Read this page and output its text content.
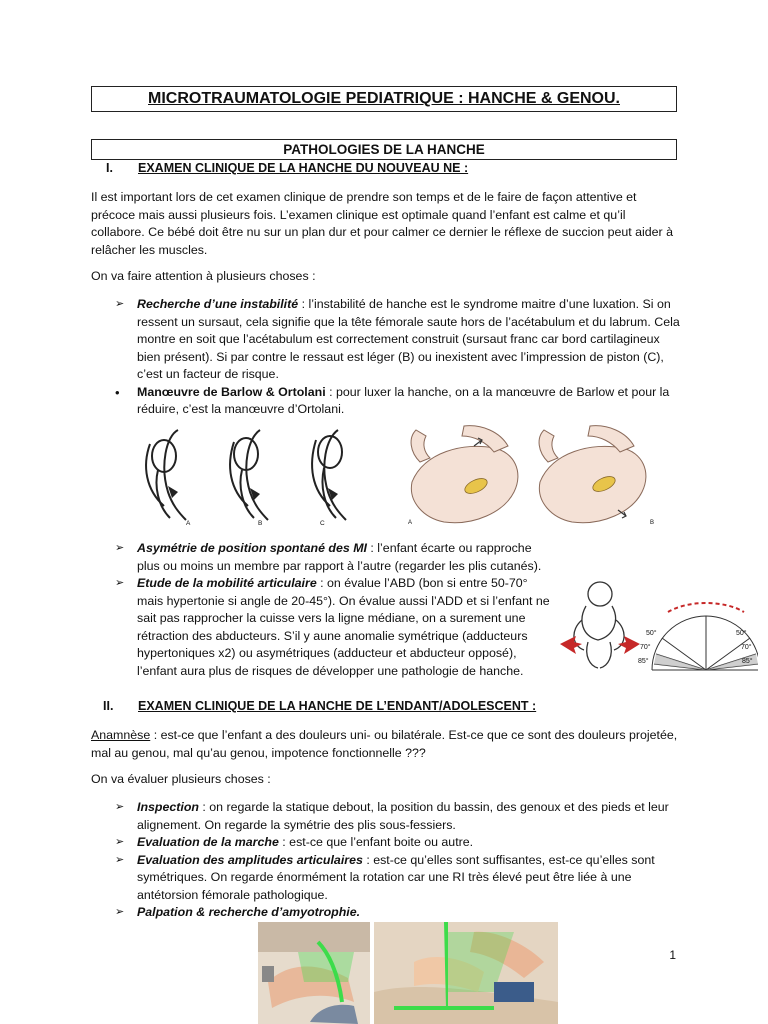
MICROTRAUMATOLOGIE PEDIATRIQUE : HANCHE & GENOU.
PATHOLOGIES DE LA HANCHE
I. EXAMEN CLINIQUE DE LA HANCHE DU NOUVEAU NE :

Il est important lors de cet examen clinique de prendre son temps et de le faire de façon attentive et précoce mais aussi plusieurs fois. L’examen clinique est optimale quand l’enfant est calme et qu’il collabore. Ce bébé doit être nu sur un plan dur et pour calmer ce dernier le réflexe de succion peut aider à relâcher les muscles.

On va faire attention à plusieurs choses :

➢ Recherche d’une instabilité : l’instabilité de hanche est le syndrome maitre d’une luxation. Si on ressent un sursaut, cela signifie que la tête fémorale saute hors de l’acétabulum et du labrum. Cela montre en soit que l’acétabulum est correctement construit (sursaut franc car bord cartilagineux bien présent). Si par contre le ressaut est léger (B) ou inexistent avec l’impression de piston (C), c’est un facteur de risque.
• Manœuvre de Barlow & Ortolani : pour luxer la hanche, on a la manœuvre de Barlow et pour la réduire, c’est la manœuvre d’Ortolani.
A	B	C	A	B
➢ Asymétrie de position spontané des MI : l’enfant écarte ou rapproche plus ou moins un membre par rapport à l’autre (regarder les plis cutanés).
➢ Etude de la mobilité articulaire : on évalue l’ABD (bon si entre 50-70° mais hypertonie si angle de 20-45°). On évalue aussi l’ADD et si l’enfant ne sait pas rapprocher la cuisse vers la ligne médiane, on a surement une rétraction des abducteurs. S’il y aune anomalie symétrique (adducteurs hypertoniques x2) ou asymétriques (adducteur et abducteur opposé), l’enfant aura plus de risques de développer une pathologie de hanche.
50°
70°
85°
50°
70°
85°
II. EXAMEN CLINIQUE DE LA HANCHE DE L’ENDANT/ADOLESCENT :

Anamnèse : est-ce que l’enfant a des douleurs uni- ou bilatérale. Est-ce que ce sont des douleurs projetée, mal au genou, mal qu’au genou, impotence fonctionnelle ???

On va évaluer plusieurs choses :

➢ Inspection : on regarde la statique debout, la position du bassin, des genoux et des pieds et leur alignement. On regarde la symétrie des plis sous-fessiers.
➢ Evaluation de la marche : est-ce que l’enfant boite ou autre.
➢ Evaluation des amplitudes articulaires : est-ce qu’elles sont suffisantes, est-ce qu’elles sont symétriques. On regarde énormément la rotation car une RI très élevé peut être liée à une antétorsion fémorale pathologique.
➢ Palpation & recherche d’amyotrophie.
1
